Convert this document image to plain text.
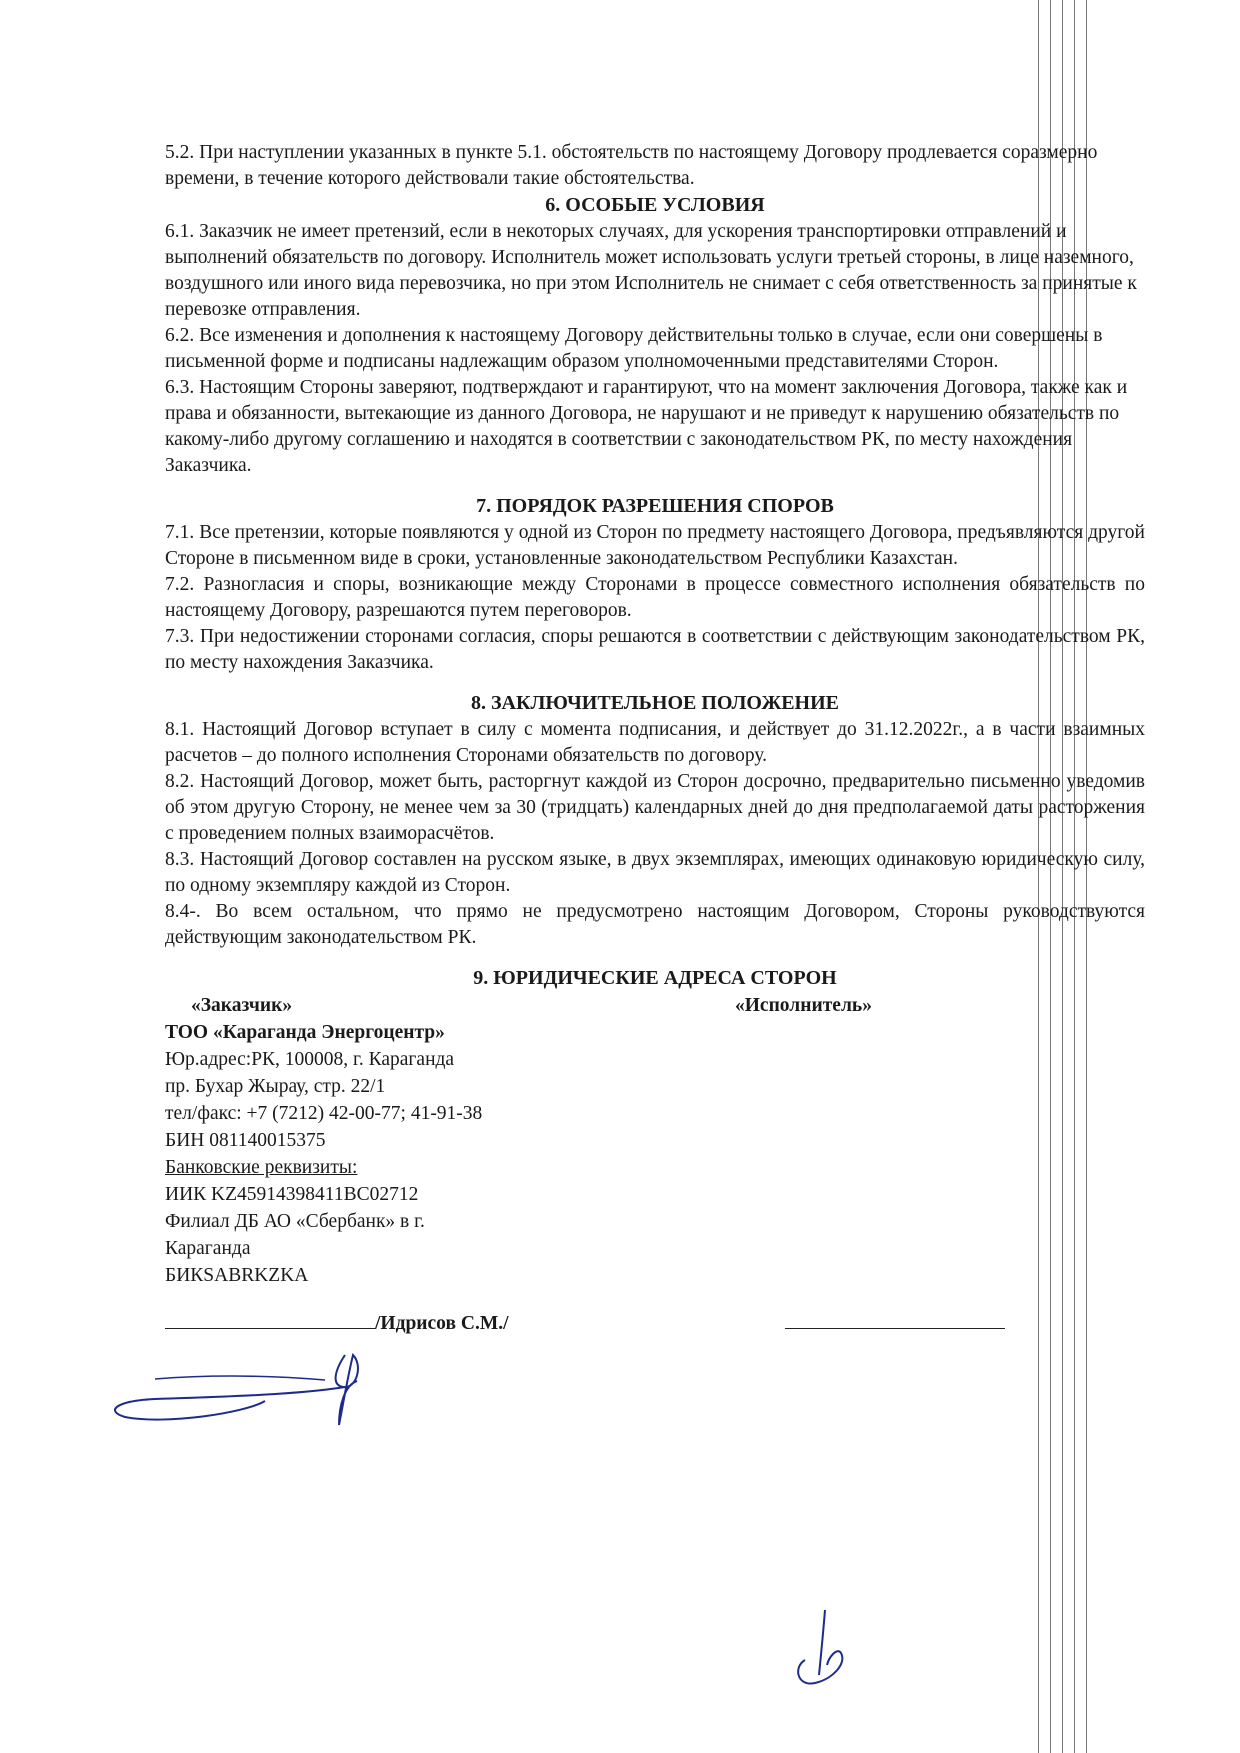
5.2. При наступлении указанных в пункте 5.1. обстоятельств по настоящему Договору продлевается соразмерно времени, в течение которого действовали такие обстоятельства.

6. ОСОБЫЕ УСЛОВИЯ

6.1. Заказчик не имеет претензий, если в некоторых случаях, для ускорения транспортировки отправлений и выполнений обязательств по договору. Исполнитель может использовать услуги третьей стороны, в лице наземного, воздушного или иного вида перевозчика, но при этом Исполнитель не снимает с себя ответственность за принятые к перевозке отправления.

6.2. Все изменения и дополнения к настоящему Договору действительны только в случае, если они совершены в письменной форме и подписаны надлежащим образом уполномоченными представителями Сторон.

6.3. Настоящим Стороны заверяют, подтверждают и гарантируют, что на момент заключения Договора, также как и права и обязанности, вытекающие из данного Договора, не нарушают и не приведут к нарушению обязательств по какому-либо другому соглашению и находятся в соответствии с законодательством РК, по месту нахождения Заказчика.

7. ПОРЯДОК РАЗРЕШЕНИЯ СПОРОВ

7.1. Все претензии, которые появляются у одной из Сторон по предмету настоящего Договора, предъявляются другой Стороне в письменном виде в сроки, установленные законодательством Республики Казахстан.

7.2. Разногласия и споры, возникающие между Сторонами в процессе совместного исполнения обязательств по настоящему Договору, разрешаются путем переговоров.

7.3. При недостижении сторонами согласия, споры решаются в соответствии с действующим законодательством РК, по месту нахождения Заказчика.

8. ЗАКЛЮЧИТЕЛЬНОЕ ПОЛОЖЕНИЕ

8.1. Настоящий Договор вступает в силу с момента подписания, и действует до 31.12.2022г., а в части взаимных расчетов – до полного исполнения Сторонами обязательств по договору.

8.2. Настоящий Договор, может быть, расторгнут каждой из Сторон досрочно, предварительно письменно уведомив об этом другую Сторону, не менее чем за 30 (тридцать) календарных дней до дня предполагаемой даты расторжения с проведением полных взаиморасчётов.

8.3. Настоящий Договор составлен на русском языке, в двух экземплярах, имеющих одинаковую юридическую силу, по одному экземпляру каждой из Сторон.

8.4-. Во всем остальном, что прямо не предусмотрено настоящим Договором, Стороны руководствуются действующим законодательством РК.

9. ЮРИДИЧЕСКИЕ АДРЕСА СТОРОН
«Заказчик»
ТОО «Караганда Энергоцентр»
Юр.адрес:РК, 100008, г. Караганда
пр. Бухар Жырау, стр. 22/1
тел/факс: +7 (7212) 42-00-77; 41-91-38
БИН 081140015375
Банковские реквизиты:
ИИК KZ45914398411BC02712
Филиал ДБ АО «Сбербанк» в г.
Караганда
БИКSABRKZKA
«Исполнитель»
/Идрисов С.М./
